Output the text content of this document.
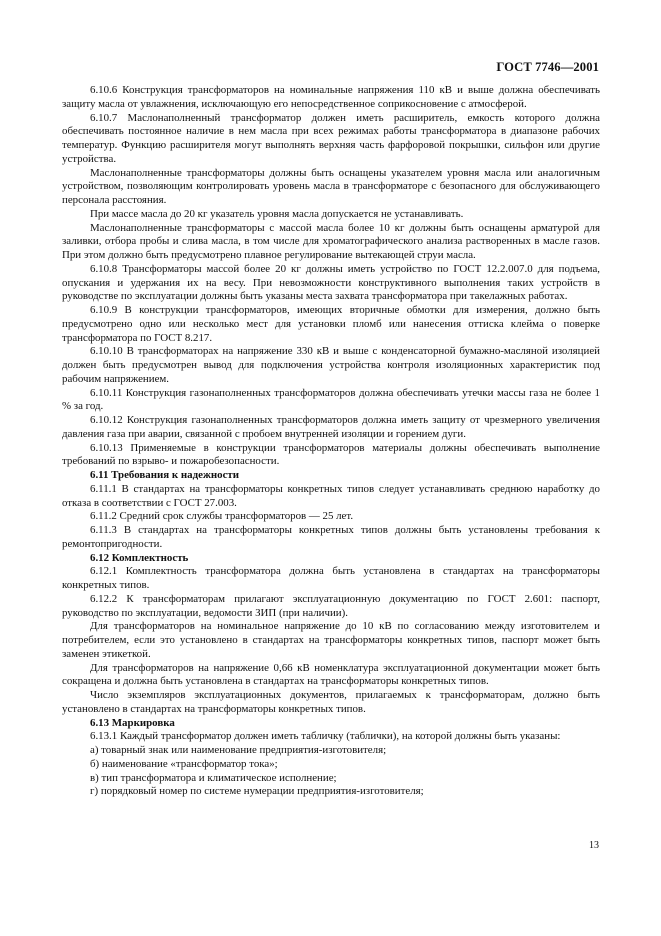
ГОСТ 7746—2001

6.10.6 Конструкция трансформаторов на номинальные напряжения 110 кВ и выше должна обеспечивать защиту масла от увлажнения, исключающую его непосредственное соприкосновение с атмосферой.

6.10.7 Маслонаполненный трансформатор должен иметь расширитель, емкость которого должна обеспечивать постоянное наличие в нем масла при всех режимах работы трансформатора в диапазоне рабочих температур. Функцию расширителя могут выполнять верхняя часть фарфоровой покрышки, сильфон или другие устройства.

Маслонаполненные трансформаторы должны быть оснащены указателем уровня масла или аналогичным устройством, позволяющим контролировать уровень масла в трансформаторе с безопасного для обслуживающего персонала расстояния.

При массе масла до 20 кг указатель уровня масла допускается не устанавливать.

Маслонаполненные трансформаторы с массой масла более 10 кг должны быть оснащены арматурой для заливки, отбора пробы и слива масла, в том числе для хроматографического анализа растворенных в масле газов. При этом должно быть предусмотрено плавное регулирование вытекающей струи масла.

6.10.8 Трансформаторы массой более 20 кг должны иметь устройство по ГОСТ 12.2.007.0 для подъема, опускания и удержания их на весу. При невозможности конструктивного выполнения таких устройств в руководстве по эксплуатации должны быть указаны места захвата трансформатора при такелажных работах.

6.10.9 В конструкции трансформаторов, имеющих вторичные обмотки для измерения, должно быть предусмотрено одно или несколько мест для установки пломб или нанесения оттиска клейма о поверке трансформатора по ГОСТ 8.217.

6.10.10 В трансформаторах на напряжение 330 кВ и выше с конденсаторной бумажно-масляной изоляцией должен быть предусмотрен вывод для подключения устройства контроля изоляционных характеристик под рабочим напряжением.

6.10.11 Конструкция газонаполненных трансформаторов должна обеспечивать утечки массы газа не более 1 % за год.

6.10.12 Конструкция газонаполненных трансформаторов должна иметь защиту от чрезмерного увеличения давления газа при аварии, связанной с пробоем внутренней изоляции и горением дуги.

6.10.13 Применяемые в конструкции трансформаторов материалы должны обеспечивать выполнение требований по взрыво- и пожаробезопасности.

6.11 Требования к надежности

6.11.1 В стандартах на трансформаторы конкретных типов следует устанавливать среднюю наработку до отказа в соответствии с ГОСТ 27.003.

6.11.2 Средний срок службы трансформаторов — 25 лет.

6.11.3 В стандартах на трансформаторы конкретных типов должны быть установлены требования к ремонтопригодности.

6.12 Комплектность

6.12.1 Комплектность трансформатора должна быть установлена в стандартах на трансформаторы конкретных типов.

6.12.2 К трансформаторам прилагают эксплуатационную документацию по ГОСТ 2.601: паспорт, руководство по эксплуатации, ведомости ЗИП (при наличии).

Для трансформаторов на номинальное напряжение до 10 кВ по согласованию между изготовителем и потребителем, если это установлено в стандартах на трансформаторы конкретных типов, паспорт может быть заменен этикеткой.

Для трансформаторов на напряжение 0,66 кВ номенклатура эксплуатационной документации может быть сокращена и должна быть установлена в стандартах на трансформаторы конкретных типов.

Число экземпляров эксплуатационных документов, прилагаемых к трансформаторам, должно быть установлено в стандартах на трансформаторы конкретных типов.

6.13 Маркировка

6.13.1 Каждый трансформатор должен иметь табличку (таблички), на которой должны быть указаны:

а) товарный знак или наименование предприятия-изготовителя;

б) наименование «трансформатор тока»;

в) тип трансформатора и климатическое исполнение;

г) порядковый номер по системе нумерации предприятия-изготовителя;

13
